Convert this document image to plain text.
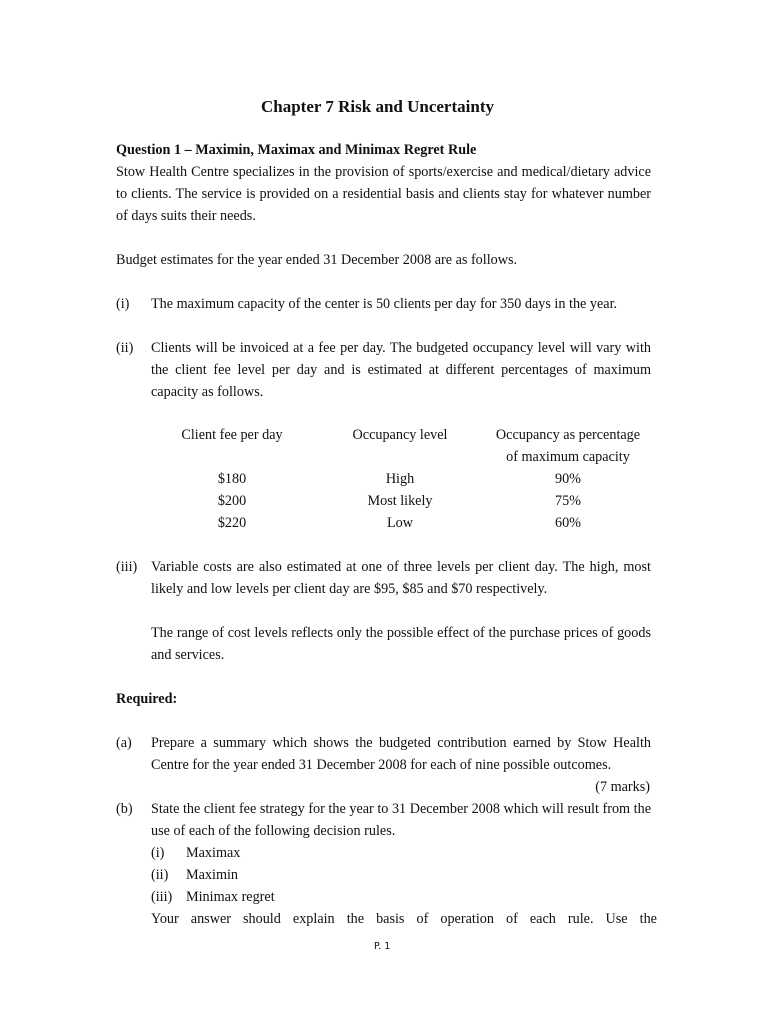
Chapter 7 Risk and Uncertainty
Question 1 – Maximin, Maximax and Minimax Regret Rule
Stow Health Centre specializes in the provision of sports/exercise and medical/dietary advice to clients. The service is provided on a residential basis and clients stay for whatever number of days suits their needs.
Budget estimates for the year ended 31 December 2008 are as follows.
(i) The maximum capacity of the center is 50 clients per day for 350 days in the year.
(ii) Clients will be invoiced at a fee per day. The budgeted occupancy level will vary with the client fee level per day and is estimated at different percentages of maximum capacity as follows.
Client fee per day	Occupancy level	Occupancy as percentage
of maximum capacity
$180	High	90%
$200	Most likely	75%
$220	Low	60%
(iii) Variable costs are also estimated at one of three levels per client day. The high, most likely and low levels per client day are $95, $85 and $70 respectively.
The range of cost levels reflects only the possible effect of the purchase prices of goods and services.
Required:
(a) Prepare a summary which shows the budgeted contribution earned by Stow Health Centre for the year ended 31 December 2008 for each of nine possible outcomes.
(7 marks)
(b) State the client fee strategy for the year to 31 December 2008 which will result from the use of each of the following decision rules.
(i) Maximax
(ii) Maximin
(iii) Minimax regret
Your answer should explain the basis of operation of each rule. Use the
P. 1
